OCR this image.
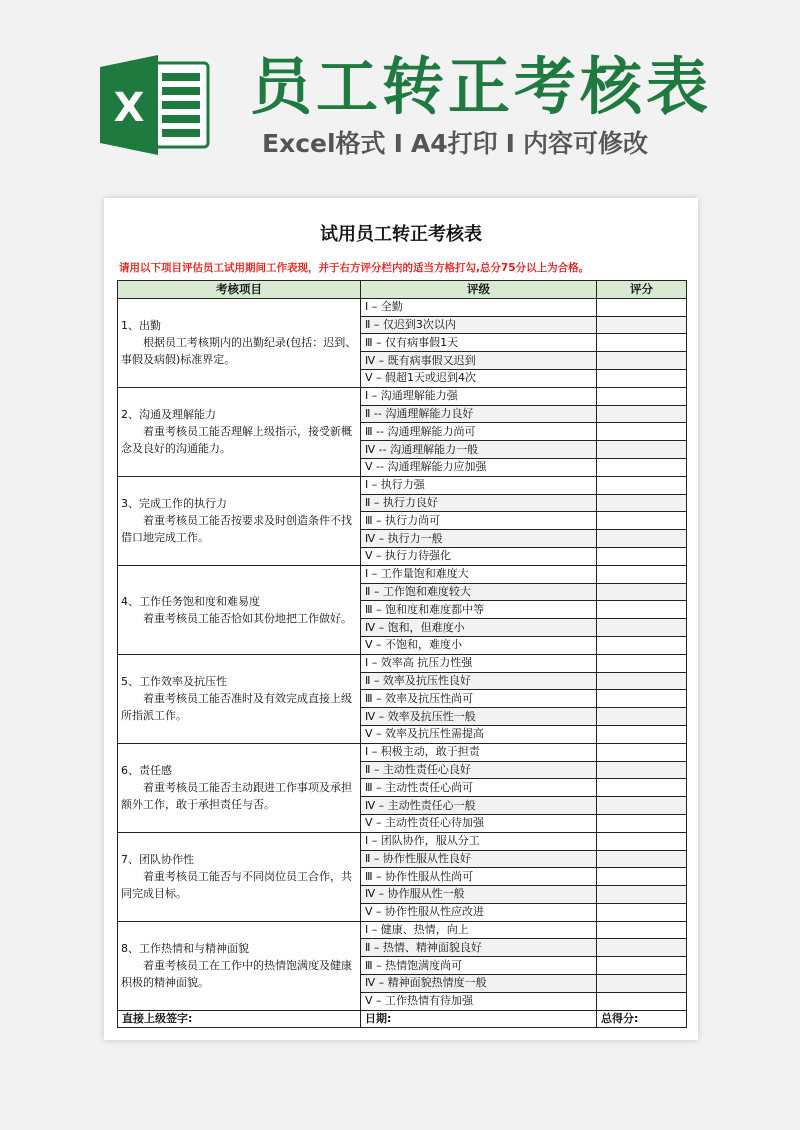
X 员工转正考核表
Excel格式 I A4打印 I 内容可修改
试用员工转正考核表
请用以下项目评估员工试用期间工作表现，并于右方评分栏内的适当方格打勾,总分75分以上为合格。
考核项目	评级	评分

1、出勤
根据员工考核期内的出勤纪录(包括：迟到、事假及病假)标准界定。	Ⅰ – 全勤	
	Ⅱ – 仅迟到3次以内	
	Ⅲ – 仅有病事假1天	
	Ⅳ – 既有病事假又迟到	
	Ⅴ – 假超1天或迟到4次	

2、沟通及理解能力
着重考核员工能否理解上级指示，接受新概念及良好的沟通能力。	Ⅰ – 沟通理解能力强	
	Ⅱ -- 沟通理解能力良好	
	Ⅲ -- 沟通理解能力尚可	
	Ⅳ -- 沟通理解能力一般	
	Ⅴ -- 沟通理解能力应加强	

3、完成工作的执行力
着重考核员工能否按要求及时创造条件不找借口地完成工作。	Ⅰ – 执行力强	
	Ⅱ – 执行力良好	
	Ⅲ – 执行力尚可	
	Ⅳ – 执行力一般	
	Ⅴ – 执行力待强化	

4、工作任务饱和度和难易度
着重考核员工能否恰如其份地把工作做好。	Ⅰ – 工作量饱和难度大	
	Ⅱ – 工作饱和难度较大	
	Ⅲ – 饱和度和难度都中等	
	Ⅳ – 饱和，但难度小	
	Ⅴ – 不饱和，难度小	

5、工作效率及抗压性
着重考核员工能否准时及有效完成直接上级所指派工作。	Ⅰ – 效率高 抗压力性强	
	Ⅱ – 效率及抗压性良好	
	Ⅲ – 效率及抗压性尚可	
	Ⅳ – 效率及抗压性一般	
	Ⅴ – 效率及抗压性需提高	

6、责任感
着重考核员工能否主动跟进工作事项及承担额外工作，敢于承担责任与否。	Ⅰ – 积极主动，敢于担责	
	Ⅱ – 主动性责任心良好	
	Ⅲ – 主动性责任心尚可	
	Ⅳ – 主动性责任心一般	
	Ⅴ – 主动性责任心待加强	

7、团队协作性
着重考核员工能否与不同岗位员工合作，共同完成目标。	Ⅰ – 团队协作，服从分工	
	Ⅱ – 协作性服从性良好	
	Ⅲ – 协作性服从性尚可	
	Ⅳ – 协作服从性一般	
	Ⅴ – 协作性服从性应改进	

8、工作热情和与精神面貌
着重考核员工在工作中的热情饱满度及健康积极的精神面貌。	Ⅰ – 健康、热情，向上	
	Ⅱ – 热情、精神面貌良好	
	Ⅲ – 热情饱满度尚可	
	Ⅳ – 精神面貌热情度一般	
	Ⅴ – 工作热情有待加强	
直接上级签字:	日期:	总得分:
